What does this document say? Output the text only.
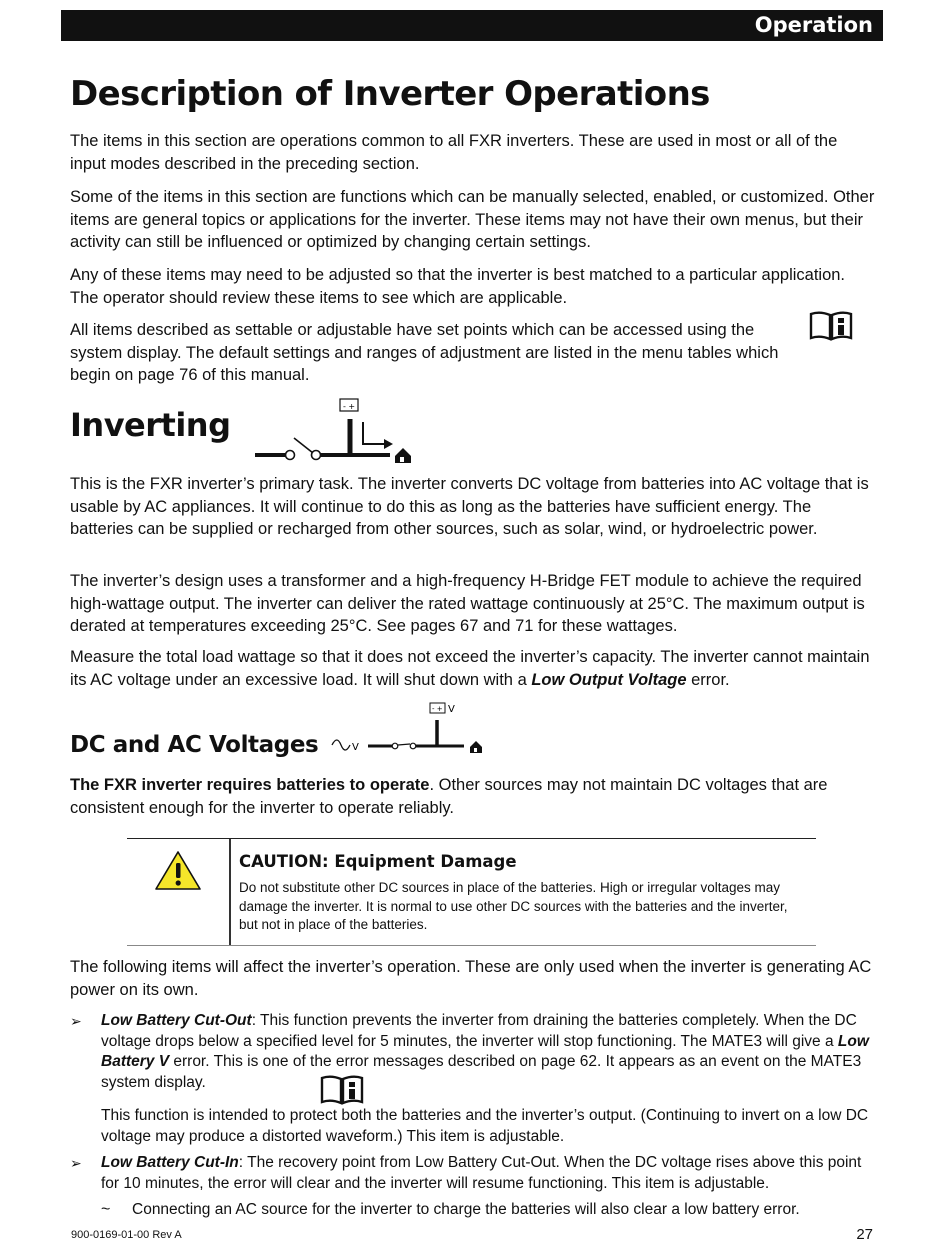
Operation
Description of Inverter Operations

The items in this section are operations common to all FXR inverters. These are used in most or all of the input modes described in the preceding section.

Some of the items in this section are functions which can be manually selected, enabled, or customized. Other items are general topics or applications for the inverter. These items may not have their own menus, but their activity can still be influenced or optimized by changing certain settings.

Any of these items may need to be adjusted so that the inverter is best matched to a particular application. The operator should review these items to see which are applicable.

All items described as settable or adjustable have set points which can be accessed using the system display. The default settings and ranges of adjustment are listed in the menu tables which begin on page 76 of this manual.

Inverting

This is the FXR inverter’s primary task. The inverter converts DC voltage from batteries into AC voltage that is usable by AC appliances. It will continue to do this as long as the batteries have sufficient energy. The batteries can be supplied or recharged from other sources, such as solar, wind, or hydroelectric power.

The inverter’s design uses a transformer and a high-frequency H-Bridge FET module to achieve the required high-wattage output. The inverter can deliver the rated wattage continuously at 25°C. The maximum output is derated at temperatures exceeding 25°C. See pages 67 and 71 for these wattages.

Measure the total load wattage so that it does not exceed the inverter’s capacity. The inverter cannot maintain its AC voltage under an excessive load. It will shut down with a Low Output Voltage error.

DC and AC Voltages

The FXR inverter requires batteries to operate. Other sources may not maintain DC voltages that are consistent enough for the inverter to operate reliably.

The following items will affect the inverter’s operation. These are only used when the inverter is generating AC power on its own.

- +
- + V
V

CAUTION: Equipment Damage

Do not substitute other DC sources in place of the batteries. High or irregular voltages may damage the inverter. It is normal to use other DC sources with the batteries and the inverter, but not in place of the batteries.

➢ Low Battery Cut-Out: This function prevents the inverter from draining the batteries completely. When the DC voltage drops below a specified level for 5 minutes, the inverter will stop functioning. The MATE3 will give a Low Battery V error. This is one of the error messages described on page 62. It appears as an event on the MATE3 system display.

This function is intended to protect both the batteries and the inverter’s output. (Continuing to invert on a low DC voltage may produce a distorted waveform.) This item is adjustable.

➢ Low Battery Cut-In: The recovery point from Low Battery Cut-Out. When the DC voltage rises above this point for 10 minutes, the error will clear and the inverter will resume functioning. This item is adjustable.

~ Connecting an AC source for the inverter to charge the batteries will also clear a low battery error.

900-0169-01-00 Rev A	27
